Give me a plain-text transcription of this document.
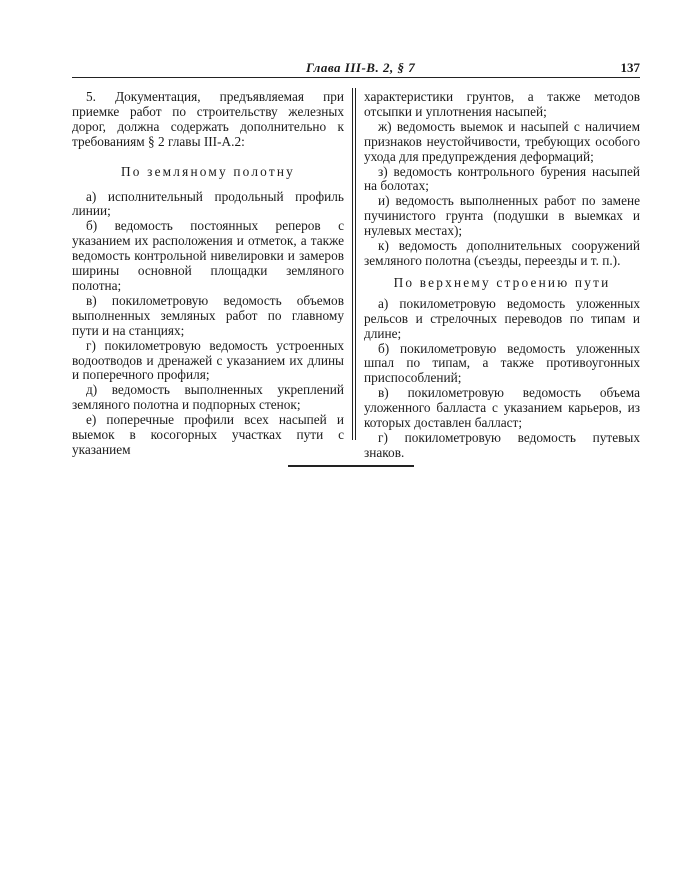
Глава III-В. 2, § 7	137

5. Документация, предъявляемая при приемке работ по строительству железных дорог, должна содержать дополнительно к требованиям § 2 главы III-А.2:

По земляному полотну

а) исполнительный продольный профиль линии;

б) ведомость постоянных реперов с указанием их расположения и отметок, а также ведомость контрольной нивелировки и замеров ширины основной площадки земляного полотна;

в) покилометровую ведомость объемов выполненных земляных работ по главному пути и на станциях;

г) покилометровую ведомость устроенных водоотводов и дренажей с указанием их длины и поперечного профиля;

д) ведомость выполненных укреплений земляного полотна и подпорных стенок;

е) поперечные профили всех насыпей и выемок в косогорных участках пути с указанием

характеристики грунтов, а также методов отсыпки и уплотнения насыпей;

ж) ведомость выемок и насыпей с наличием признаков неустойчивости, требующих особого ухода для предупреждения деформаций;

з) ведомость контрольного бурения насыпей на болотах;

и) ведомость выполненных работ по замене пучинистого грунта (подушки в выемках и нулевых местах);

к) ведомость дополнительных сооружений земляного полотна (съезды, переезды и т. п.).

По верхнему строению пути

а) покилометровую ведомость уложенных рельсов и стрелочных переводов по типам и длине;

б) покилометровую ведомость уложенных шпал по типам, а также противоугонных приспособлений;

в) покилометровую ведомость объема уложенного балласта с указанием карьеров, из которых доставлен балласт;

г) покилометровую ведомость путевых знаков.
